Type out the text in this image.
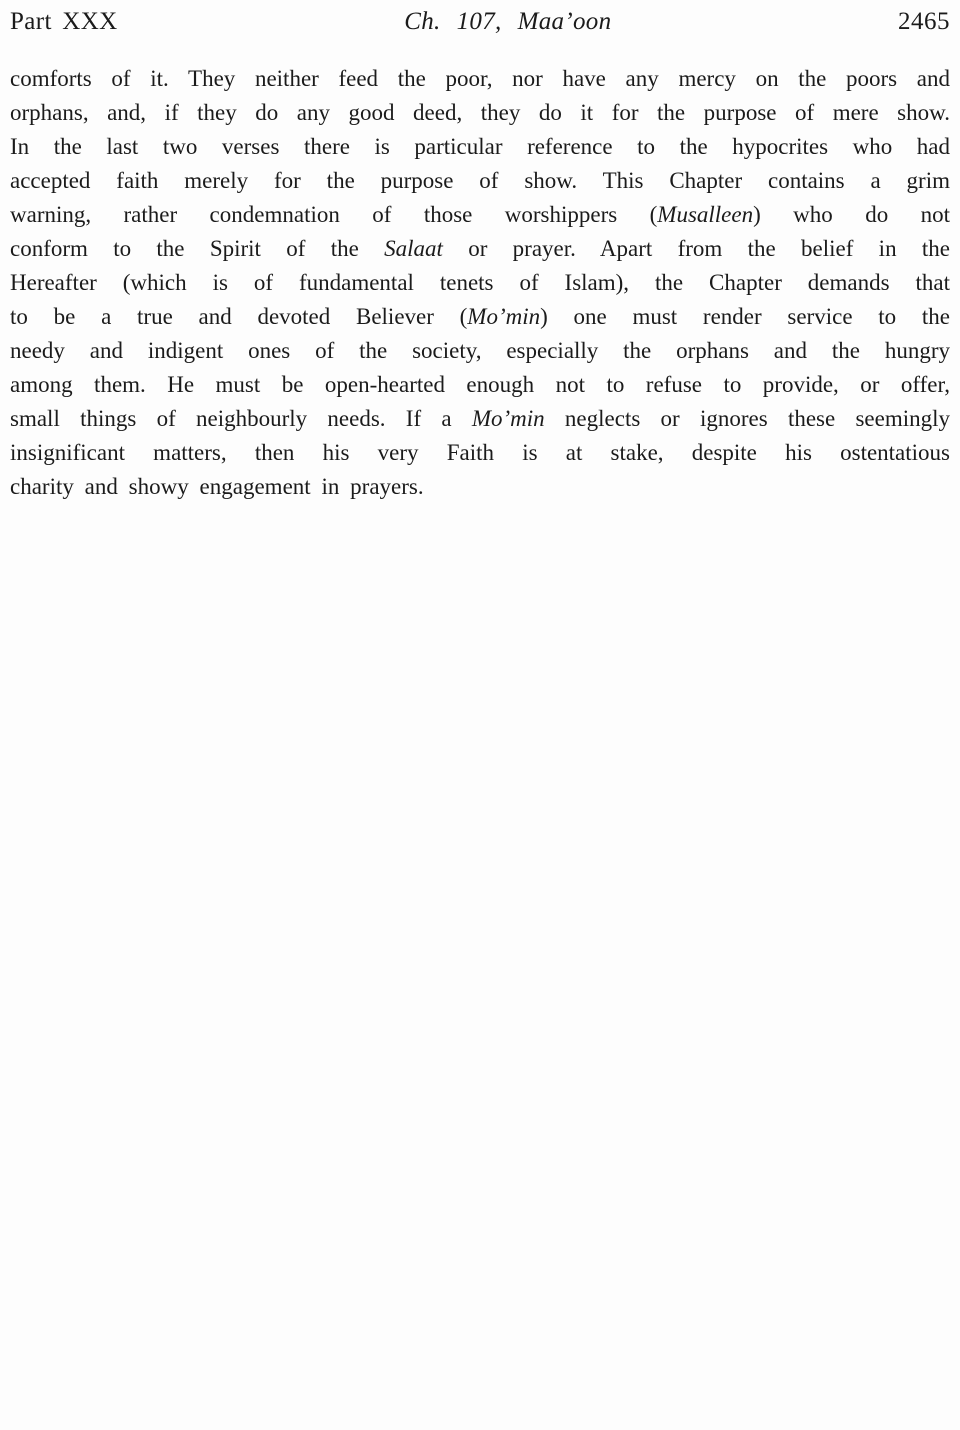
Part XXX	Ch. 107, Maa’oon	2465
comforts of it. They neither feed the poor, nor have any mercy on the poors and
orphans, and, if they do any good deed, they do it for the purpose of mere show.
In the last two verses there is particular reference to the hypocrites who had
accepted faith merely for the purpose of show. This Chapter contains a grim
warning, rather condemnation of those worshippers (Musalleen) who do not
conform to the Spirit of the Salaat or prayer. Apart from the belief in the
Hereafter (which is of fundamental tenets of Islam), the Chapter demands that
to be a true and devoted Believer (Mo’min) one must render service to the
needy and indigent ones of the society, especially the orphans and the hungry
among them. He must be open-hearted enough not to refuse to provide, or offer,
small things of neighbourly needs. If a Mo’min neglects or ignores these seemingly
insignificant matters, then his very Faith is at stake, despite his ostentatious
charity and showy engagement in prayers.
